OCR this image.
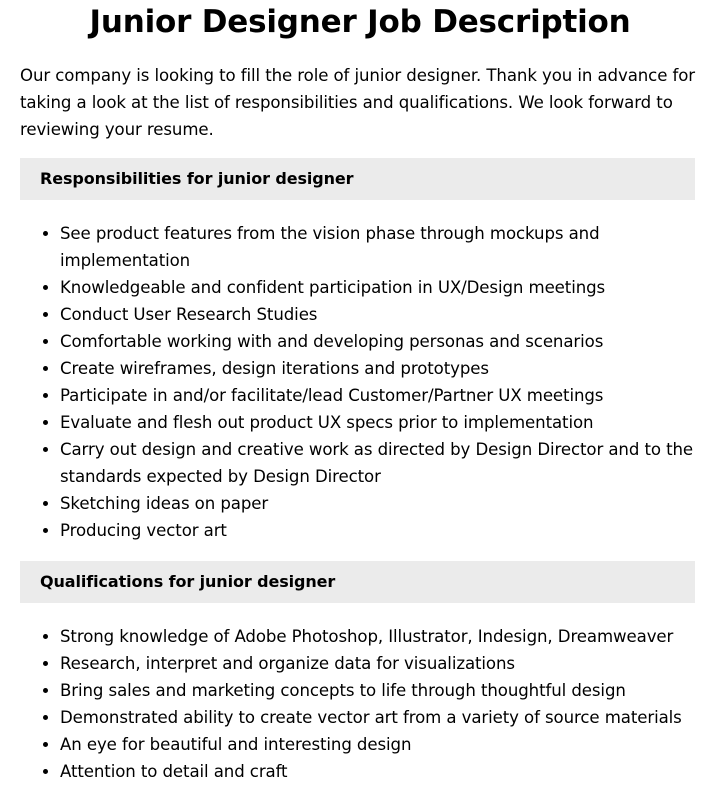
Junior Designer Job Description

Our company is looking to fill the role of junior designer. Thank you in advance for taking a look at the list of responsibilities and qualifications. We look forward to reviewing your resume.

Responsibilities for junior designer
• See product features from the vision phase through mockups and implementation
• Knowledgeable and confident participation in UX/Design meetings
• Conduct User Research Studies
• Comfortable working with and developing personas and scenarios
• Create wireframes, design iterations and prototypes
• Participate in and/or facilitate/lead Customer/Partner UX meetings
• Evaluate and flesh out product UX specs prior to implementation
• Carry out design and creative work as directed by Design Director and to the standards expected by Design Director
• Sketching ideas on paper
• Producing vector art
Qualifications for junior designer
• Strong knowledge of Adobe Photoshop, Illustrator, Indesign, Dreamweaver
• Research, interpret and organize data for visualizations
• Bring sales and marketing concepts to life through thoughtful design
• Demonstrated ability to create vector art from a variety of source materials
• An eye for beautiful and interesting design
• Attention to detail and craft
